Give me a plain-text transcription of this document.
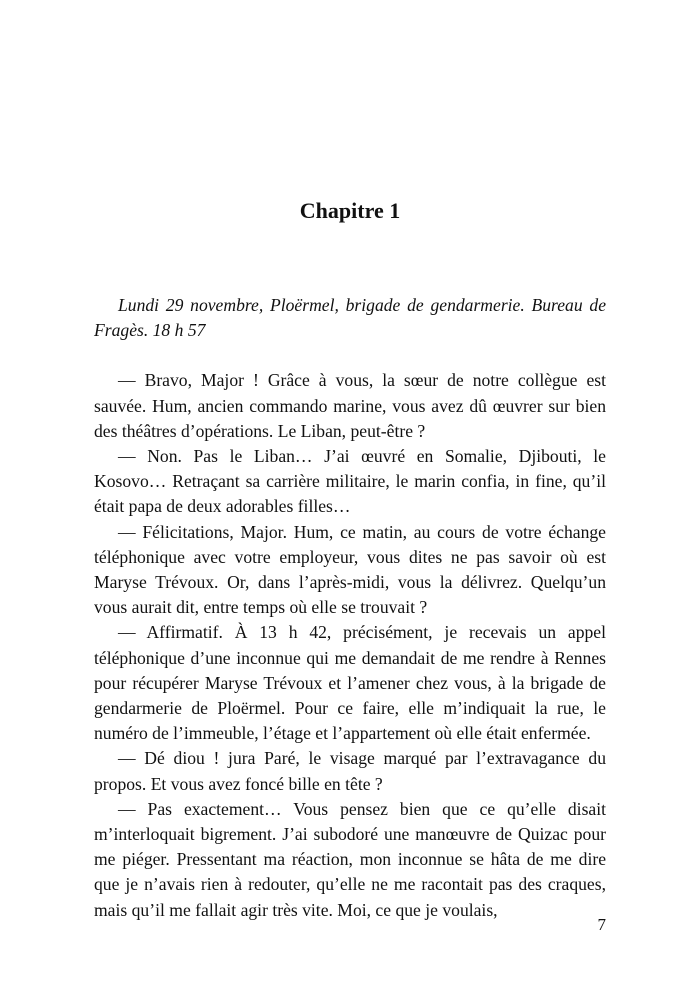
Chapitre 1

Lundi 29 novembre, Ploërmel, brigade de gendarmerie. Bureau de Fragès. 18 h 57

— Bravo, Major ! Grâce à vous, la sœur de notre collègue est sauvée. Hum, ancien commando marine, vous avez dû œuvrer sur bien des théâtres d’opérations. Le Liban, peut-être ?

— Non. Pas le Liban… J’ai œuvré en Somalie, Djibouti, le Kosovo… Retraçant sa carrière militaire, le marin confia, in fine, qu’il était papa de deux adorables filles…

— Félicitations, Major. Hum, ce matin, au cours de votre échange téléphonique avec votre employeur, vous dites ne pas savoir où est Maryse Trévoux. Or, dans l’après-midi, vous la délivrez. Quelqu’un vous aurait dit, entre temps où elle se trouvait ?

— Affirmatif. À 13 h 42, précisément, je recevais un appel téléphonique d’une inconnue qui me demandait de me rendre à Rennes pour récupérer Maryse Trévoux et l’amener chez vous, à la brigade de gendarmerie de Ploërmel. Pour ce faire, elle m’indiquait la rue, le numéro de l’immeuble, l’étage et l’appartement où elle était enfermée.

— Dé diou ! jura Paré, le visage marqué par l’extravagance du propos. Et vous avez foncé bille en tête ?

— Pas exactement… Vous pensez bien que ce qu’elle disait m’interloquait bigrement. J’ai subodoré une manœuvre de Quizac pour me piéger. Pressentant ma réaction, mon inconnue se hâta de me dire que je n’avais rien à redouter, qu’elle ne me racontait pas des craques, mais qu’il me fallait agir très vite. Moi, ce que je voulais,

7
